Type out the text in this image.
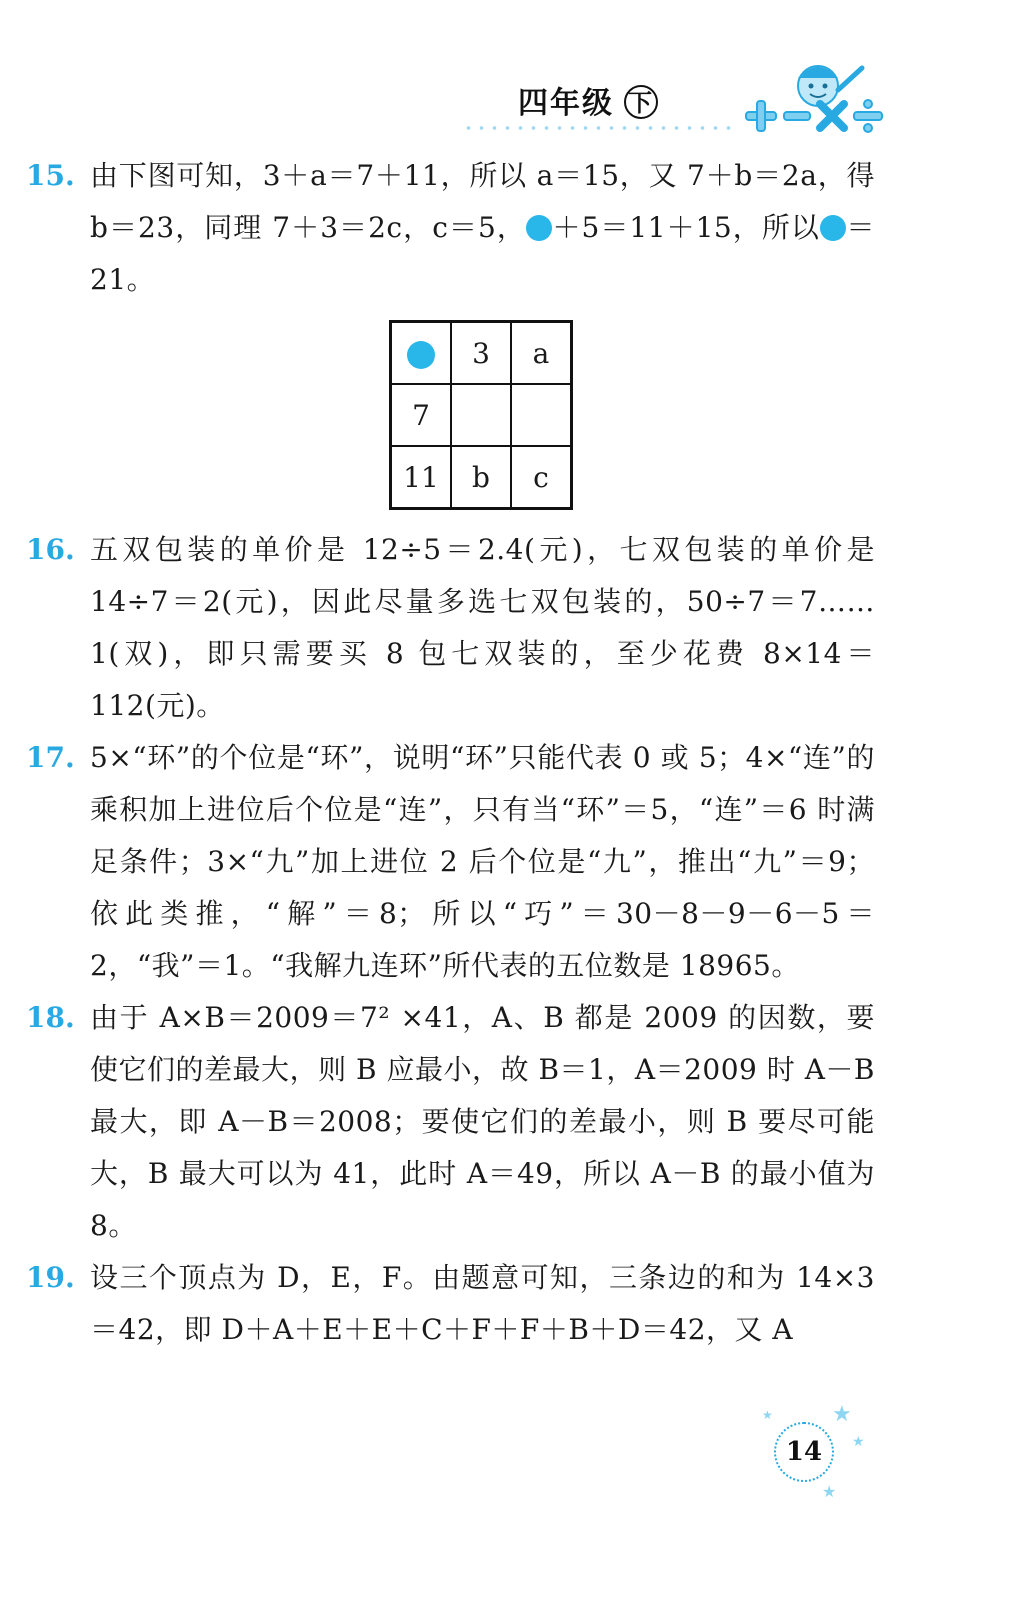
四年级 下
15. 由下图可知，3＋a＝7＋11，所以 a＝15，又 7＋b＝2a，得 b＝23，同理 7＋3＝2c，c＝5， ＋5＝11＋15，所以 ＝21。
	3	a
7		
11	b	c
16. 五双包装的单价是 12÷5＝2.4(元)，七双包装的单价是 14÷7＝2(元)，因此尽量多选七双包装的，50÷7＝7……1(双)，即只需要买 8 包七双装的，至少花费 8×14＝112(元)。
17. 5×“环”的个位是“环”，说明“环”只能代表 0 或 5；4×“连”的乘积加上进位后个位是“连”，只有当“环”＝5，“连”＝6 时满足条件；3×“九”加上进位 2 后个位是“九”，推出“九”＝9；依此类推，“解”＝8；所以“巧”＝30－8－9－6－5＝2，“我”＝1。“我解九连环”所代表的五位数是 18965。
18. 由于 A×B＝2009＝7² ×41，A、B 都是 2009 的因数，要使它们的差最大，则 B 应最小，故 B＝1，A＝2009 时 A－B 最大，即 A－B＝2008；要使它们的差最小，则 B 要尽可能大，B 最大可以为 41，此时 A＝49，所以 A－B 的最小值为 8。
19. 设三个顶点为 D，E，F。由题意可知，三条边的和为 14×3＝42，即 D＋A＋E＋E＋C＋F＋F＋B＋D＝42，又 A
★
★
★
★
14
